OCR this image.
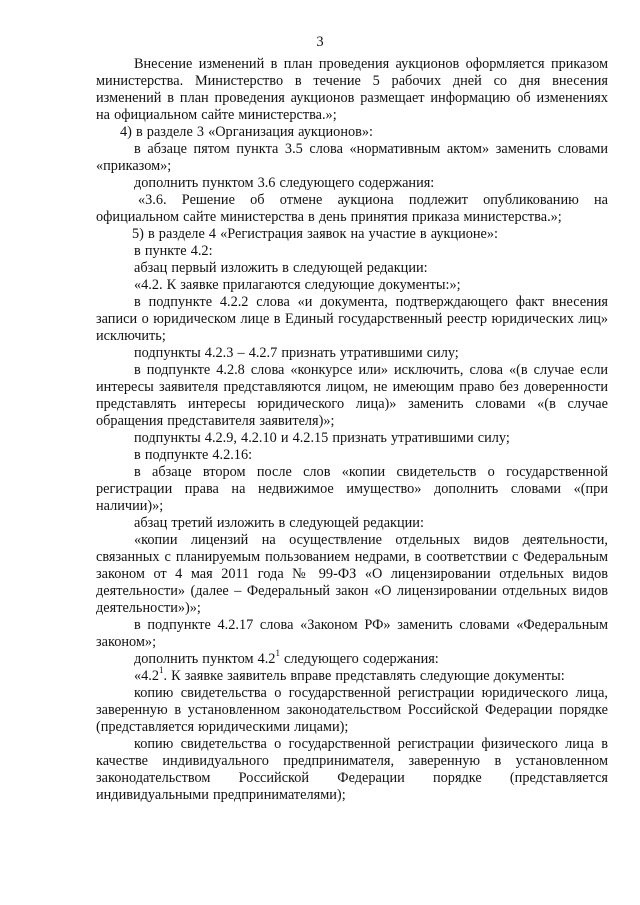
3

Внесение изменений в план проведения аукционов оформляется приказом министерства. Министерство в течение 5 рабочих дней со дня внесения изменений в план проведения аукционов размещает информацию об изменениях на официальном сайте министерства.»;

4) в разделе 3 «Организация аукционов»:

в абзаце пятом пункта 3.5 слова «нормативным актом» заменить словами «приказом»;

дополнить пунктом 3.6 следующего содержания:

«3.6. Решение об отмене аукциона подлежит опубликованию на официальном сайте министерства в день принятия приказа министерства.»;

5) в разделе 4 «Регистрация заявок на участие в аукционе»:

в пункте 4.2:

абзац первый изложить в следующей редакции:

«4.2. К заявке прилагаются следующие документы:»;

в подпункте 4.2.2 слова «и документа, подтверждающего факт внесения записи о юридическом лице в Единый государственный реестр юридических лиц» исключить;

подпункты 4.2.3 – 4.2.7 признать утратившими силу;

в подпункте 4.2.8 слова «конкурсе или» исключить, слова «(в случае если интересы заявителя представляются лицом, не имеющим право без доверенности представлять интересы юридического лица)» заменить словами «(в случае обращения представителя заявителя)»;

подпункты 4.2.9, 4.2.10 и 4.2.15 признать утратившими силу;

в подпункте 4.2.16:

в абзаце втором после слов «копии свидетельств о государственной регистрации права на недвижимое имущество» дополнить словами «(при наличии)»;

абзац третий изложить в следующей редакции:

«копии лицензий на осуществление отдельных видов деятельности, связанных с планируемым пользованием недрами, в соответствии с Федеральным законом от 4 мая 2011 года № 99-ФЗ «О лицензировании отдельных видов деятельности» (далее – Федеральный закон «О лицензировании отдельных видов деятельности»)»;

в подпункте 4.2.17 слова «Законом РФ» заменить словами «Федеральным законом»;

дополнить пунктом $4.2^1$ следующего содержания:

«$4.2^1$. К заявке заявитель вправе представлять следующие документы:

копию свидетельства о государственной регистрации юридического лица, заверенную в установленном законодательством Российской Федерации порядке (представляется юридическими лицами);

копию свидетельства о государственной регистрации физического лица в качестве индивидуального предпринимателя, заверенную в установленном законодательством Российской Федерации порядке (представляется индивидуальными предпринимателями);
